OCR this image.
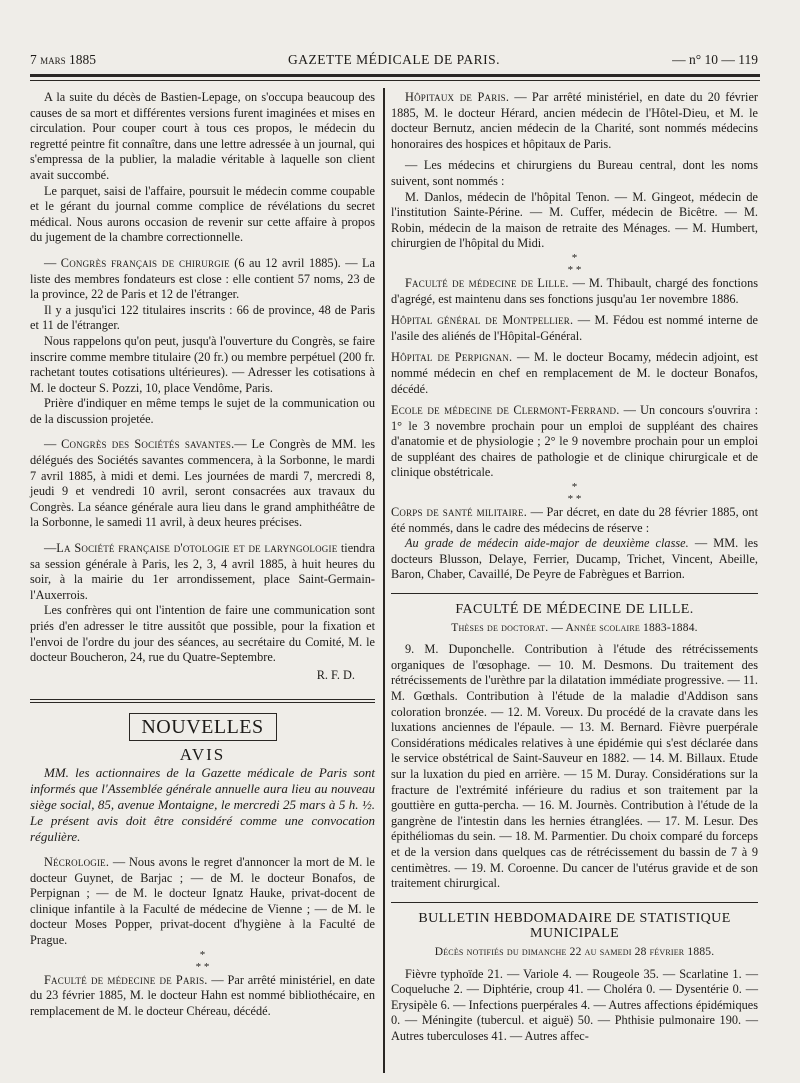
7 mars 1885	GAZETTE MÉDICALE DE PARIS.	— n° 10 — 119

A la suite du décès de Bastien-Lepage, on s'occupa beaucoup des causes de sa mort et différentes versions furent imaginées et mises en circulation. Pour couper court à tous ces propos, le médecin du regretté peintre fit connaître, dans une lettre adressée à un journal, qui s'empressa de la publier, la maladie véritable à laquelle son client avait succombé.

Le parquet, saisi de l'affaire, poursuit le médecin comme coupable et le gérant du journal comme complice de révélations du secret médical. Nous aurons occasion de revenir sur cette affaire à propos du jugement de la chambre correctionnelle.

— Congrès français de chirurgie (6 au 12 avril 1885). — La liste des membres fondateurs est close : elle contient 57 noms, 23 de la province, 22 de Paris et 12 de l'étranger.

Il y a jusqu'ici 122 titulaires inscrits : 66 de province, 48 de Paris et 11 de l'étranger.

Nous rappelons qu'on peut, jusqu'à l'ouverture du Congrès, se faire inscrire comme membre titulaire (20 fr.) ou membre perpétuel (200 fr. rachetant toutes cotisations ultérieures). — Adresser les cotisations à M. le docteur S. Pozzi, 10, place Vendôme, Paris.

Prière d'indiquer en même temps le sujet de la communication ou de la discussion projetée.

— Congrès des Sociétés savantes.— Le Congrès de MM. les délégués des Sociétés savantes commencera, à la Sorbonne, le mardi 7 avril 1885, à midi et demi. Les journées de mardi 7, mercredi 8, jeudi 9 et vendredi 10 avril, seront consacrées aux travaux du Congrès. La séance générale aura lieu dans le grand amphithéâtre de la Sorbonne, le samedi 11 avril, à deux heures précises.

—La Société française d'otologie et de laryngologie tiendra sa session générale à Paris, les 2, 3, 4 avril 1885, à huit heures du soir, à la mairie du 1er arrondissement, place Saint-Germain-l'Auxerrois.

Les confrères qui ont l'intention de faire une communication sont priés d'en adresser le titre aussitôt que possible, pour la fixation et l'envoi de l'ordre du jour des séances, au secrétaire du Comité, M. le docteur Boucheron, 24, rue du Quatre-Septembre.

R. F. D.
NOUVELLES
AVIS

MM. les actionnaires de la Gazette médicale de Paris sont informés que l'Assemblée générale annuelle aura lieu au nouveau siège social, 85, avenue Montaigne, le mercredi 25 mars à 5 h. ½. Le présent avis doit être considéré comme une convocation régulière.

Nécrologie. — Nous avons le regret d'annoncer la mort de M. le docteur Guynet, de Barjac ; — de M. le docteur Bonafos, de Perpignan ; — de M. le docteur Ignatz Hauke, privat-docent de clinique infantile à la Faculté de médecine de Vienne ; — de M. le docteur Moses Popper, privat-docent d'hygiène à la Faculté de Prague.

*
* *

Faculté de médecine de Paris. — Par arrêté ministériel, en date du 23 février 1885, M. le docteur Hahn est nommé bibliothécaire, en remplacement de M. le docteur Chéreau, décédé.

Hôpitaux de Paris. — Par arrêté ministériel, en date du 20 février 1885, M. le docteur Hérard, ancien médecin de l'Hôtel-Dieu, et M. le docteur Bernutz, ancien médecin de la Charité, sont nommés médecins honoraires des hospices et hôpitaux de Paris.

— Les médecins et chirurgiens du Bureau central, dont les noms suivent, sont nommés :

M. Danlos, médecin de l'hôpital Tenon. — M. Gingeot, médecin de l'institution Sainte-Périne. — M. Cuffer, médecin de Bicêtre. — M. Robin, médecin de la maison de retraite des Ménages. — M. Humbert, chirurgien de l'hôpital du Midi.

*
* *

Faculté de médecine de Lille. — M. Thibault, chargé des fonctions d'agrégé, est maintenu dans ses fonctions jusqu'au 1er novembre 1886.

Hôpital général de Montpellier. — M. Fédou est nommé interne de l'asile des aliénés de l'Hôpital-Général.

Hôpital de Perpignan. — M. le docteur Bocamy, médecin adjoint, est nommé médecin en chef en remplacement de M. le docteur Bonafos, décédé.

Ecole de médecine de Clermont-Ferrand. — Un concours s'ouvrira : 1° le 3 novembre prochain pour un emploi de suppléant des chaires d'anatomie et de physiologie ; 2° le 9 novembre prochain pour un emploi de suppléant des chaires de pathologie et de clinique chirurgicale et de clinique obstétricale.

*
* *

Corps de santé militaire. — Par décret, en date du 28 février 1885, ont été nommés, dans le cadre des médecins de réserve :

Au grade de médecin aide-major de deuxième classe. — MM. les docteurs Blusson, Delaye, Ferrier, Ducamp, Trichet, Vincent, Abeille, Baron, Chaber, Cavaillé, De Peyre de Fabrègues et Barrion.

FACULTÉ DE MÉDECINE DE LILLE.
Thèses de doctorat. — Année scolaire 1883-1884.

9. M. Duponchelle. Contribution à l'étude des rétrécissements organiques de l'œsophage. — 10. M. Desmons. Du traitement des rétrécissements de l'urèthre par la dilatation immédiate progressive. — 11. M. Gœthals. Contribution à l'étude de la maladie d'Addison sans coloration bronzée. — 12. M. Voreux. Du procédé de la cravate dans les luxations anciennes de l'épaule. — 13. M. Bernard. Fièvre puerpérale Considérations médicales relatives à une épidémie qui s'est déclarée dans le service obstétrical de Saint-Sauveur en 1882. — 14. M. Billaux. Etude sur la luxation du pied en arrière. — 15 M. Duray. Considérations sur la fracture de l'extrémité inférieure du radius et son traitement par la gouttière en gutta-percha. — 16. M. Journès. Contribution à l'étude de la gangrène de l'intestin dans les hernies étranglées. — 17. M. Lesur. Des épithéliomas du sein. — 18. M. Parmentier. Du choix comparé du forceps et de la version dans quelques cas de rétrécissement du bassin de 7 à 9 centimètres. — 19. M. Coroenne. Du cancer de l'utérus gravide et de son traitement chirurgical.

BULLETIN HEBDOMADAIRE DE STATISTIQUE MUNICIPALE
Décès notifiés du dimanche 22 au samedi 28 février 1885.

Fièvre typhoïde 21. — Variole 4. — Rougeole 35. — Scarlatine 1. — Coqueluche 2. — Diphtérie, croup 41. — Choléra 0. — Dysentérie 0. — Erysipèle 6. — Infections puerpérales 4. — Autres affections épidémiques 0. — Méningite (tubercul. et aiguë) 50. — Phthisie pulmonaire 190. — Autres tuberculoses 41. — Autres affec-
